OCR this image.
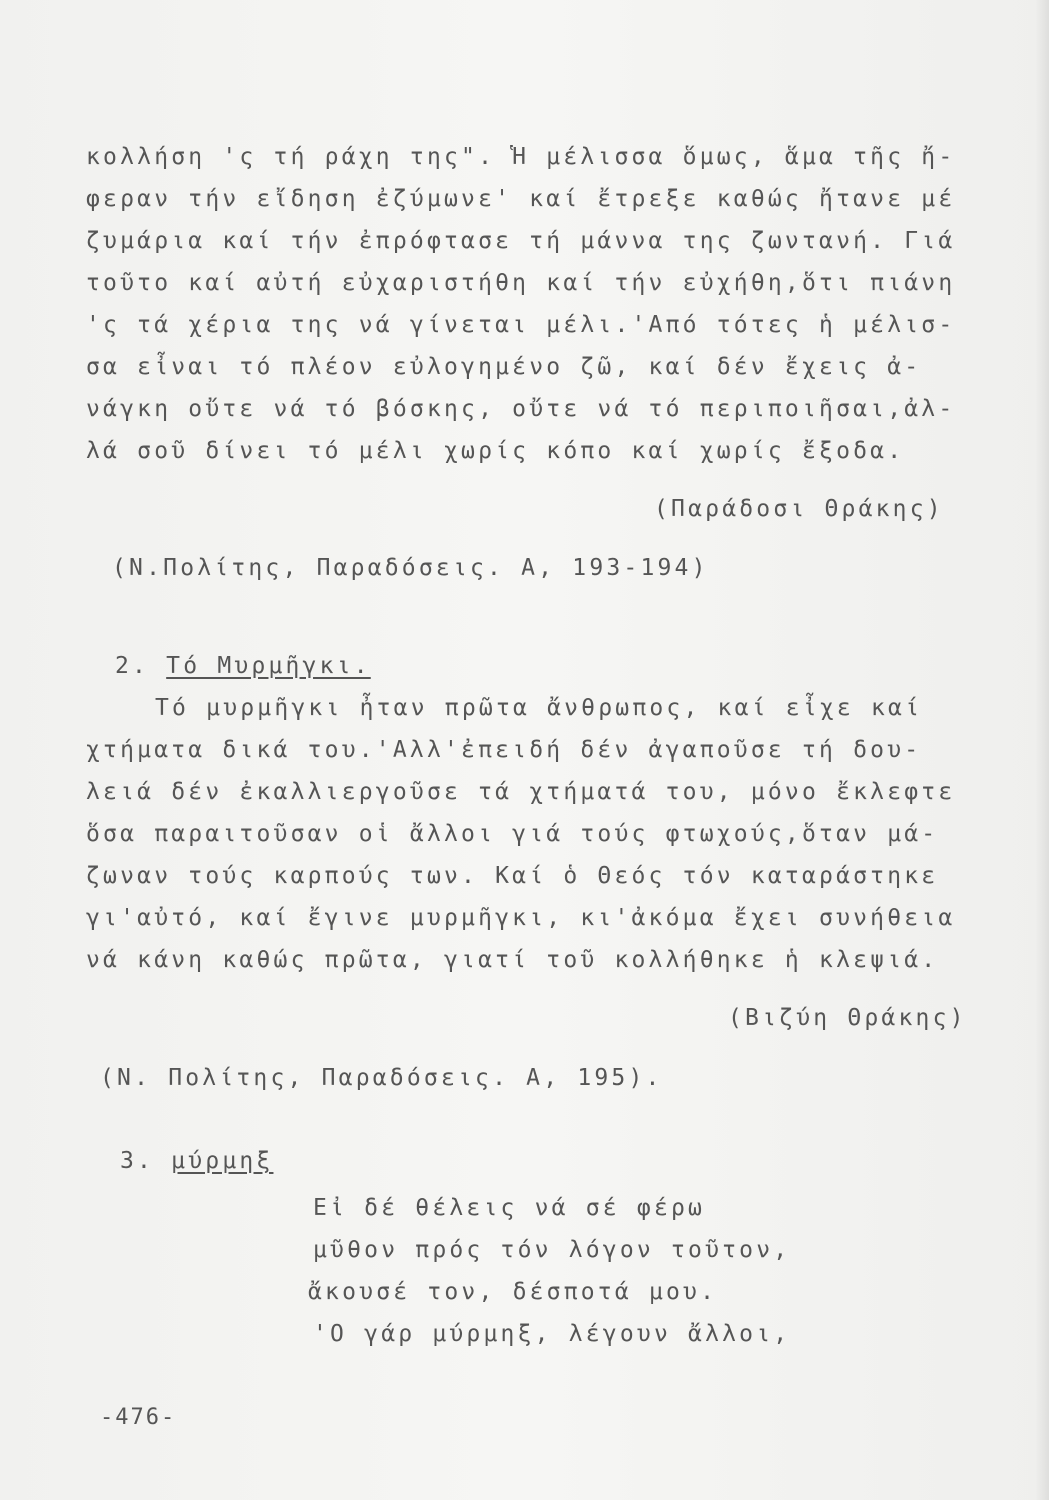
κολλήση 'ς τή ράχη της". Ἡ μέλισσα ὅμως, ἅμα τῆς ἤ-
φεραν τήν εἴδηση ἐζύμωνε' καί ἔτρεξε καθώς ἤτανε μέ
ζυμάρια καί τήν ἐπρόφτασε τή μάννα της ζωντανή. Γιά
τοῦτο καί αὐτή εὐχαριστήθη καί τήν εὐχήθη,ὅτι πιάνη
'ς τά χέρια της νά γίνεται μέλι.'Από τότες ἡ μέλισ-
σα εἶναι τό πλέον εὐλογημένο ζῶ, καί δέν ἔχεις ἀ-
νάγκη οὔτε νά τό βόσκης, οὔτε νά τό περιποιῆσαι,ἀλ-
λά σοῦ δίνει τό μέλι χωρίς κόπο καί χωρίς ἔξοδα.
(Παράδοσι Θράκης)
(Ν.Πολίτης, Παραδόσεις. Α, 193-194)
2. Τό Μυρμῆγκι.
Τό μυρμῆγκι ἦταν πρῶτα ἄνθρωπος, καί εἶχε καί
χτήματα δικά του.'Αλλ'ἐπειδή δέν ἀγαποῦσε τή δου-
λειά δέν ἐκαλλιεργοῦσε τά χτήματά του, μόνο ἔκλεφτε
ὅσα παραιτοῦσαν οἱ ἄλλοι γιά τούς φτωχούς,ὅταν μά-
ζωναν τούς καρπούς των. Καί ὁ Θεός τόν καταράστηκε
γι'αὐτό, καί ἔγινε μυρμῆγκι, κι'ἀκόμα ἔχει συνήθεια
νά κάνη καθώς πρῶτα, γιατί τοῦ κολλήθηκε ἡ κλεψιά.
(Βιζύη Θράκης)
(Ν. Πολίτης, Παραδόσεις. Α, 195).
3. μύρμηξ
Εἰ δέ θέλεις νά σέ φέρω
μῦθον πρός τόν λόγον τοῦτον,
ἄκουσέ τον, δέσποτά μου.
'Ο γάρ μύρμηξ, λέγουν ἄλλοι,
-476-
